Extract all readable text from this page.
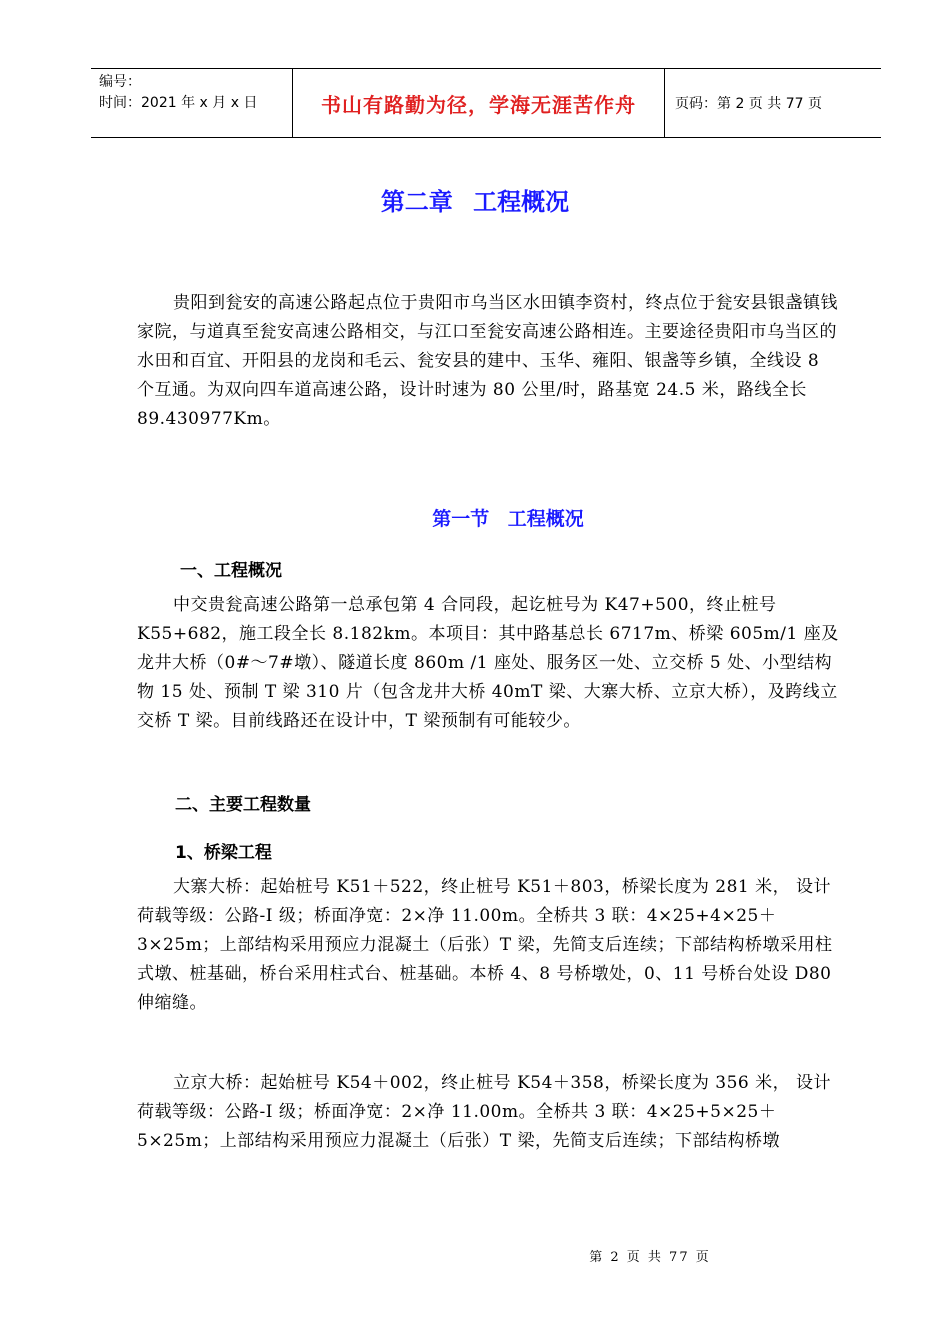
编号：
时间：2021 年 x 月 x 日	书山有路勤为径，学海无涯苦作舟	页码：第 2 页 共 77 页
第二章 工程概况
贵阳到瓮安的高速公路起点位于贵阳市乌当区水田镇李资村，终点位于瓮安县银盏镇钱家院，与道真至瓮安高速公路相交，与江口至瓮安高速公路相连。主要途径贵阳市乌当区的水田和百宜、开阳县的龙岗和毛云、瓮安县的建中、玉华、雍阳、银盏等乡镇，全线设 8 个互通。为双向四车道高速公路，设计时速为 80 公里/时，路基宽 24.5 米，路线全长 89.430977Km。
第一节 工程概况
一、工程概况
中交贵瓮高速公路第一总承包第 4 合同段，起讫桩号为 K47+500，终止桩号 K55+682，施工段全长 8.182km。本项目：其中路基总长 6717m、桥梁 605m/1 座及龙井大桥（0#～7#墩）、隧道长度 860m /1 座处、服务区一处、立交桥 5 处、小型结构物 15 处、预制 T 梁 310 片（包含龙井大桥 40mT 梁、大寨大桥、立京大桥），及跨线立交桥 T 梁。目前线路还在设计中，T 梁预制有可能较少。
二、主要工程数量
1、桥梁工程
大寨大桥：起始桩号 K51＋522，终止桩号 K51＋803，桥梁长度为 281 米， 设计荷载等级：公路-Ⅰ 级；桥面净宽：2×净 11.00m。全桥共 3 联：4×25+4×25＋3×25m；上部结构采用预应力混凝土（后张）T 梁，先简支后连续；下部结构桥墩采用柱式墩、桩基础，桥台采用柱式台、桩基础。本桥 4、8 号桥墩处，0、11 号桥台处设 D80 伸缩缝。
立京大桥：起始桩号 K54＋002，终止桩号 K54＋358，桥梁长度为 356 米， 设计荷载等级：公路-Ⅰ 级；桥面净宽：2×净 11.00m。全桥共 3 联：4×25+5×25＋5×25m；上部结构采用预应力混凝土（后张）T 梁，先简支后连续；下部结构桥墩
第 2 页 共 77 页
